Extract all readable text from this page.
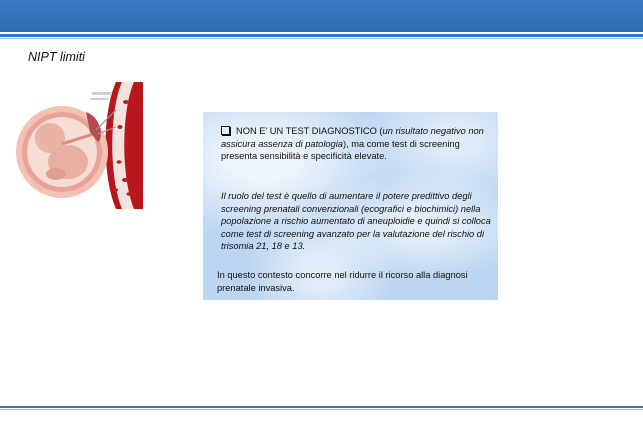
NIPT limiti
NON E’ UN TEST DIAGNOSTICO (un risultato negativo non assicura assenza di patologia), ma come test di screening presenta sensibilità e specificità elevate.
Il ruolo del test è quello di aumentare il potere predittivo degli screening prenatali convenzionali (ecografici e biochimici) nella popolazione a rischio aumentato di aneuploidie e quindi si colloca come test di screening avanzato per la valutazione del rischio di trisomia 21, 18 e 13.
In questo contesto concorre nel ridurre il ricorso alla diagnosi prenatale invasiva.
